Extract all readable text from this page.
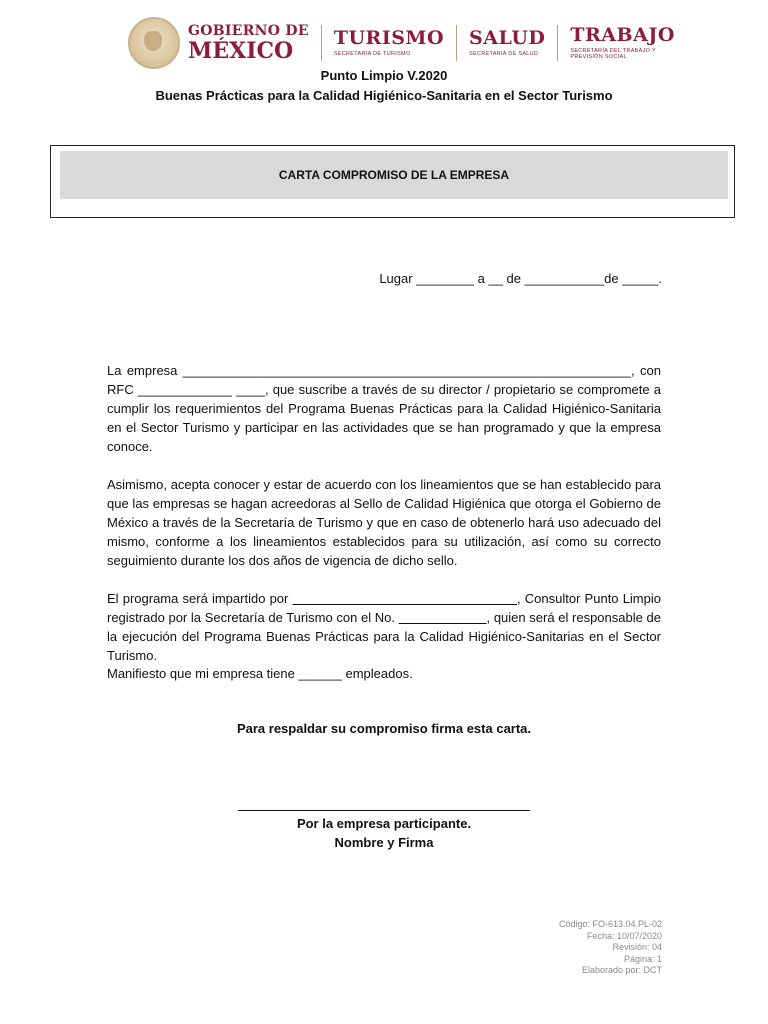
GOBIERNO DE
MÉXICO
TURISMO
SECRETARÍA DE TURISMO
SALUD
SECRETARÍA DE SALUD
TRABAJO
SECRETARÍA DEL TRABAJO Y PREVISIÓN SOCIAL
Punto Limpio V.2020
Buenas Prácticas para la Calidad Higiénico-Sanitaria en el Sector Turismo
CARTA COMPROMISO DE LA EMPRESA
Lugar ________ a __ de ___________de _____.
La empresa ______________________________________________________________, con RFC _____________ ____, que suscribe a través de su director / propietario se compromete a cumplir los requerimientos del Programa Buenas Prácticas para la Calidad Higiénico-Sanitaria en el Sector Turismo y participar en las actividades que se han programado y que la empresa conoce.
Asimismo, acepta conocer y estar de acuerdo con los lineamientos que se han establecido para que las empresas se hagan acreedoras al Sello de Calidad Higiénica que otorga el Gobierno de México a través de la Secretaría de Turismo y que en caso de obtenerlo hará uso adecuado del mismo, conforme a los lineamientos establecidos para su utilización, así como su correcto seguimiento durante los dos años de vigencia de dicho sello.
El programa será impartido por	, Consultor Punto Limpio registrado por la Secretaría de Turismo con el No.	, quien será el responsable de la ejecución del Programa Buenas Prácticas para la Calidad Higiénico-Sanitarias en el Sector Turismo.
Manifiesto que mi empresa tiene ______ empleados.
Para respaldar su compromiso firma esta carta.
Por la empresa participante.
Nombre y Firma
Código: FO-613.04.PL-02
Fecha: 10/07/2020
Revisión: 04
Página: 1
Elaborado por: DCT
